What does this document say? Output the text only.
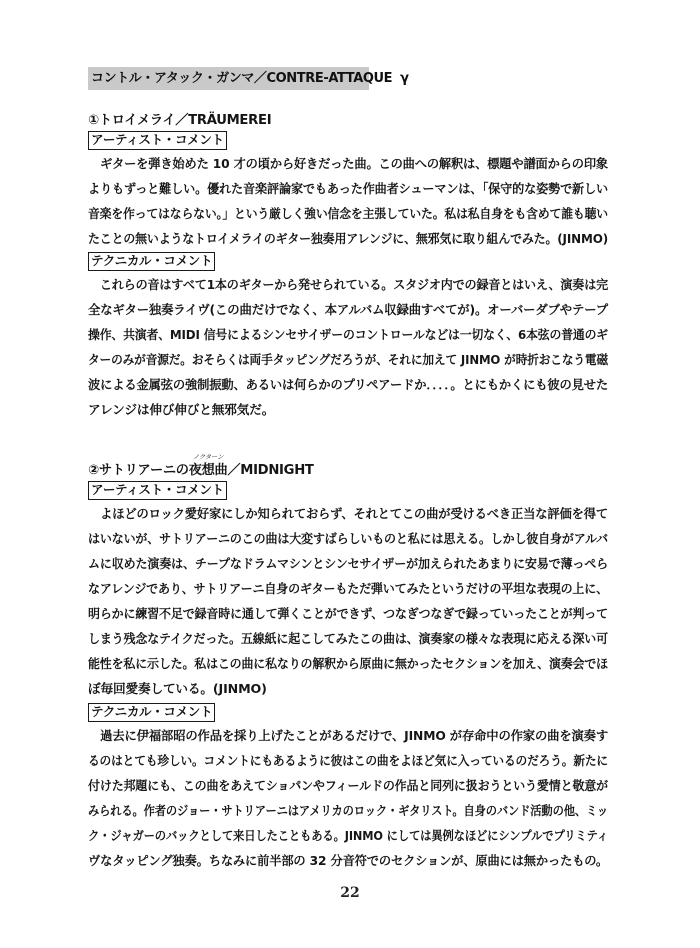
コントル・アタック・ガンマ／CONTRE-ATTAQUE γ
①トロイメライ／TRÄUMEREI
アーティスト・コメント
　ギターを弾き始めた 10 才の頃から好きだった曲。この曲への解釈は、標題や譜面からの印象
よりもずっと難しい。優れた音楽評論家でもあった作曲者シューマンは、「保守的な姿勢で新しい
音楽を作ってはならない。」という厳しく強い信念を主張していた。私は私自身をも含めて誰も聴い
たことの無いようなトロイメライのギター独奏用アレンジに、無邪気に取り組んでみた。(JINMO)
テクニカル・コメント
　これらの音はすべて1本のギターから発せられている。スタジオ内での録音とはいえ、演奏は完
全なギター独奏ライヴ(この曲だけでなく、本アルバム収録曲すべてが)。オーバーダブやテープ
操作、共演者、MIDI 信号によるシンセサイザーのコントロールなどは一切なく、6本弦の普通のギ
ターのみが音源だ。おそらくは両手タッピングだろうが、それに加えて JINMO が時折おこなう電磁
波による金属弦の強制振動、あるいは何らかのプリペアードか．．．．。とにもかくにも彼の見せた
アレンジは伸び伸びと無邪気だ。
②サトリアーニの
ノクターン
夜想曲／MIDNIGHT
アーティスト・コメント
　よほどのロック愛好家にしか知られておらず、それとてこの曲が受けるべき正当な評価を得て
はいないが、サトリアーニのこの曲は大変すばらしいものと私には思える。しかし彼自身がアルバ
ムに収めた演奏は、チープなドラムマシンとシンセサイザーが加えられたあまりに安易で薄っぺら
なアレンジであり、サトリアーニ自身のギターもただ弾いてみたというだけの平坦な表現の上に、
明らかに練習不足で録音時に通して弾くことができず、つなぎつなぎで録っていったことが判って
しまう残念なテイクだった。五線紙に起こしてみたこの曲は、演奏家の様々な表現に応える深い可
能性を私に示した。私はこの曲に私なりの解釈から原曲に無かったセクションを加え、演奏会でほ
ぼ毎回愛奏している。(JINMO)
テクニカル・コメント
　過去に伊福部昭の作品を採り上げたことがあるだけで、JINMO が存命中の作家の曲を演奏す
るのはとても珍しい。コメントにもあるように彼はこの曲をよほど気に入っているのだろう。新たに
付けた邦題にも、この曲をあえてショパンやフィールドの作品と同列に扱おうという愛情と敬意が
みられる。作者のジョー・サトリアーニはアメリカのロック・ギタリスト。自身のバンド活動の他、ミッ
ク・ジャガーのバックとして来日したこともある。JINMO にしては異例なほどにシンプルでプリミティ
ヴなタッピング独奏。ちなみに前半部の 32 分音符でのセクションが、原曲には無かったもの。
22
